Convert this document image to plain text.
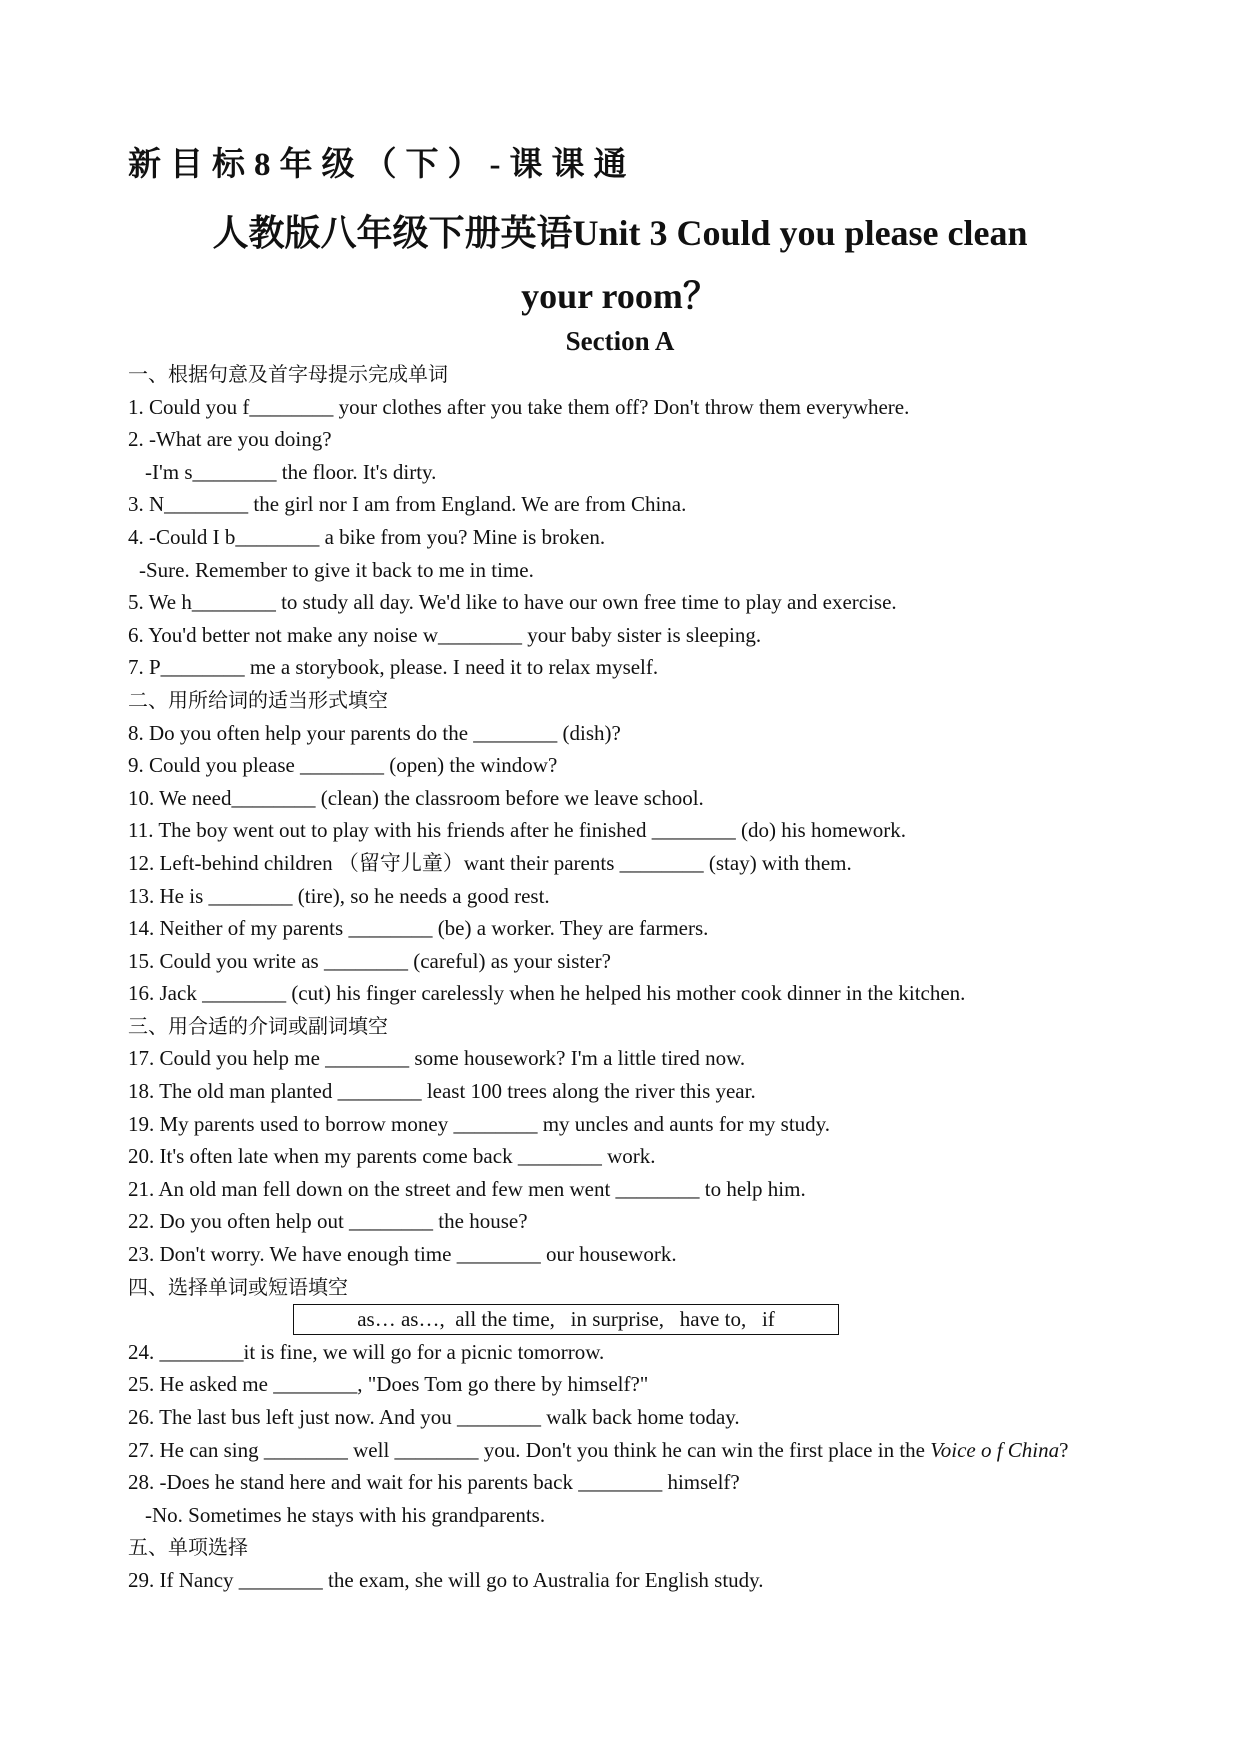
新目标8年级（下）-课课通
人教版八年级下册英语Unit 3 Could you please clean
your room？
Section A
一、根据句意及首字母提示完成单词
1. Could you f________ your clothes after you take them off? Don't throw them everywhere.
2. -What are you doing?
-I'm s________ the floor. It's dirty.
3. N________ the girl nor I am from England. We are from China.
4. -Could I b________ a bike from you? Mine is broken.
-Sure. Remember to give it back to me in time.
5. We h________ to study all day. We'd like to have our own free time to play and exercise.
6. You'd better not make any noise w________ your baby sister is sleeping.
7. P________ me a storybook, please. I need it to relax myself.
二、用所给词的适当形式填空
8. Do you often help your parents do the ________ (dish)?
9. Could you please ________ (open) the window?
10. We need________ (clean) the classroom before we leave school.
11. The boy went out to play with his friends after he finished ________ (do) his homework.
12. Left-behind children （留守儿童）want their parents ________ (stay) with them.
13. He is ________ (tire), so he needs a good rest.
14. Neither of my parents ________ (be) a worker. They are farmers.
15. Could you write as ________ (careful) as your sister?
16. Jack ________ (cut) his finger carelessly when he helped his mother cook dinner in the kitchen.
三、用合适的介词或副词填空
17. Could you help me ________ some housework? I'm a little tired now.
18. The old man planted ________ least 100 trees along the river this year.
19. My parents used to borrow money ________ my uncles and aunts for my study.
20. It's often late when my parents come back ________ work.
21. An old man fell down on the street and few men went ________ to help him.
22. Do you often help out ________ the house?
23. Don't worry. We have enough time ________ our housework.
四、选择单词或短语填空
as… as…,  all the time,   in surprise,   have to,   if
24. ________it is fine, we will go for a picnic tomorrow.
25. He asked me ________, "Does Tom go there by himself?"
26. The last bus left just now. And you ________ walk back home today.
27. He can sing ________ well ________ you. Don't you think he can win the first place in the Voice o f China?
28. -Does he stand here and wait for his parents back ________ himself?
-No. Sometimes he stays with his grandparents.
五、单项选择
29. If Nancy ________ the exam, she will go to Australia for English study.
